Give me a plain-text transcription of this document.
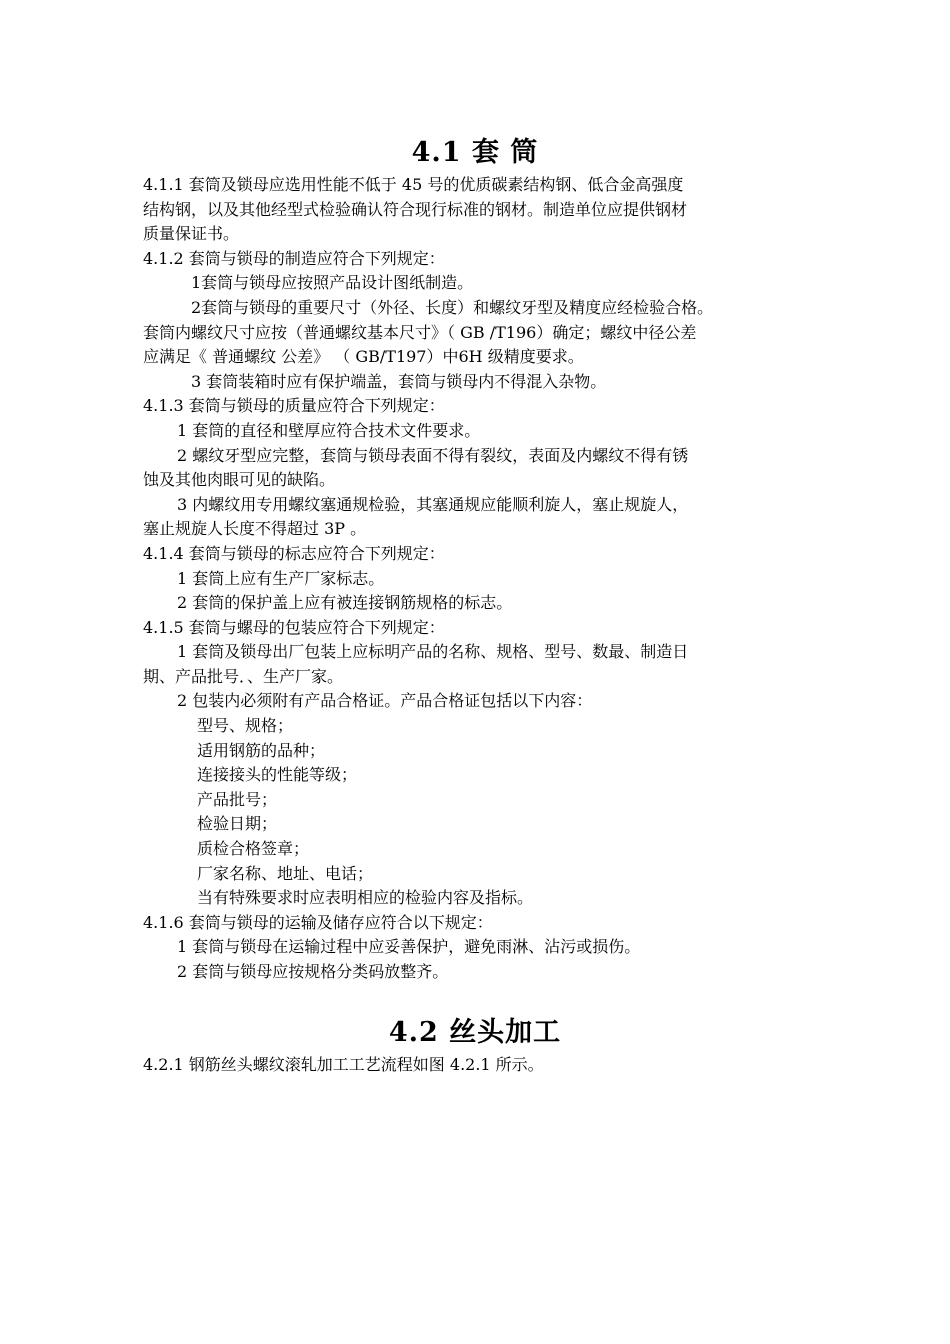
4.1 套 筒

4.1.1 套筒及锁母应选用性能不低于 45 号的优质碳素结构钢、低合金高强度

结构钢，以及其他经型式检验确认符合现行标准的钢材。制造单位应提供钢材

质量保证书。

4.1.2 套筒与锁母的制造应符合下列规定：

1套筒与锁母应按照产品设计图纸制造。

2套筒与锁母的重要尺寸（外径、长度）和螺纹牙型及精度应经检验合格。

套筒内螺纹尺寸应按（普通螺纹基本尺寸》（ GB /T196）确定；螺纹中径公差

应满足《 普通螺纹 公差》 （ GB/T197）中6H 级精度要求。

3 套筒装箱时应有保护端盖，套筒与锁母内不得混入杂物。

4.1.3 套筒与锁母的质量应符合下列规定：

1 套筒的直径和壁厚应符合技术文件要求。

2 螺纹牙型应完整，套筒与锁母表面不得有裂纹，表面及内螺纹不得有锈

蚀及其他肉眼可见的缺陷。

3 内螺纹用专用螺纹塞通规检验，其塞通规应能顺利旋人，塞止规旋人，

塞止规旋人长度不得超过 3P 。

4.1.4 套筒与锁母的标志应符合下列规定：

1 套筒上应有生产厂家标志。

2 套筒的保护盖上应有被连接钢筋规格的标志。

4.1.5 套筒与螺母的包装应符合下列规定：

1 套筒及锁母出厂包装上应标明产品的名称、规格、型号、数最、制造日

期、产品批号．、生产厂家。

2 包装内必须附有产品合格证。产品合格证包括以下内容：

型号、规格；

适用钢筋的品种；

连接接头的性能等级；

产品批号；

检验日期；

质检合格签章；

厂家名称、地址、电话；

当有特殊要求时应表明相应的检验内容及指标。

4.1.6 套筒与锁母的运输及储存应符合以下规定：

1 套筒与锁母在运输过程中应妥善保护，避免雨淋、沾污或损伤。

2 套筒与锁母应按规格分类码放整齐。

4.2 丝头加工

4.2.1 钢筋丝头螺纹滚轧加工工艺流程如图 4.2.1 所示。
